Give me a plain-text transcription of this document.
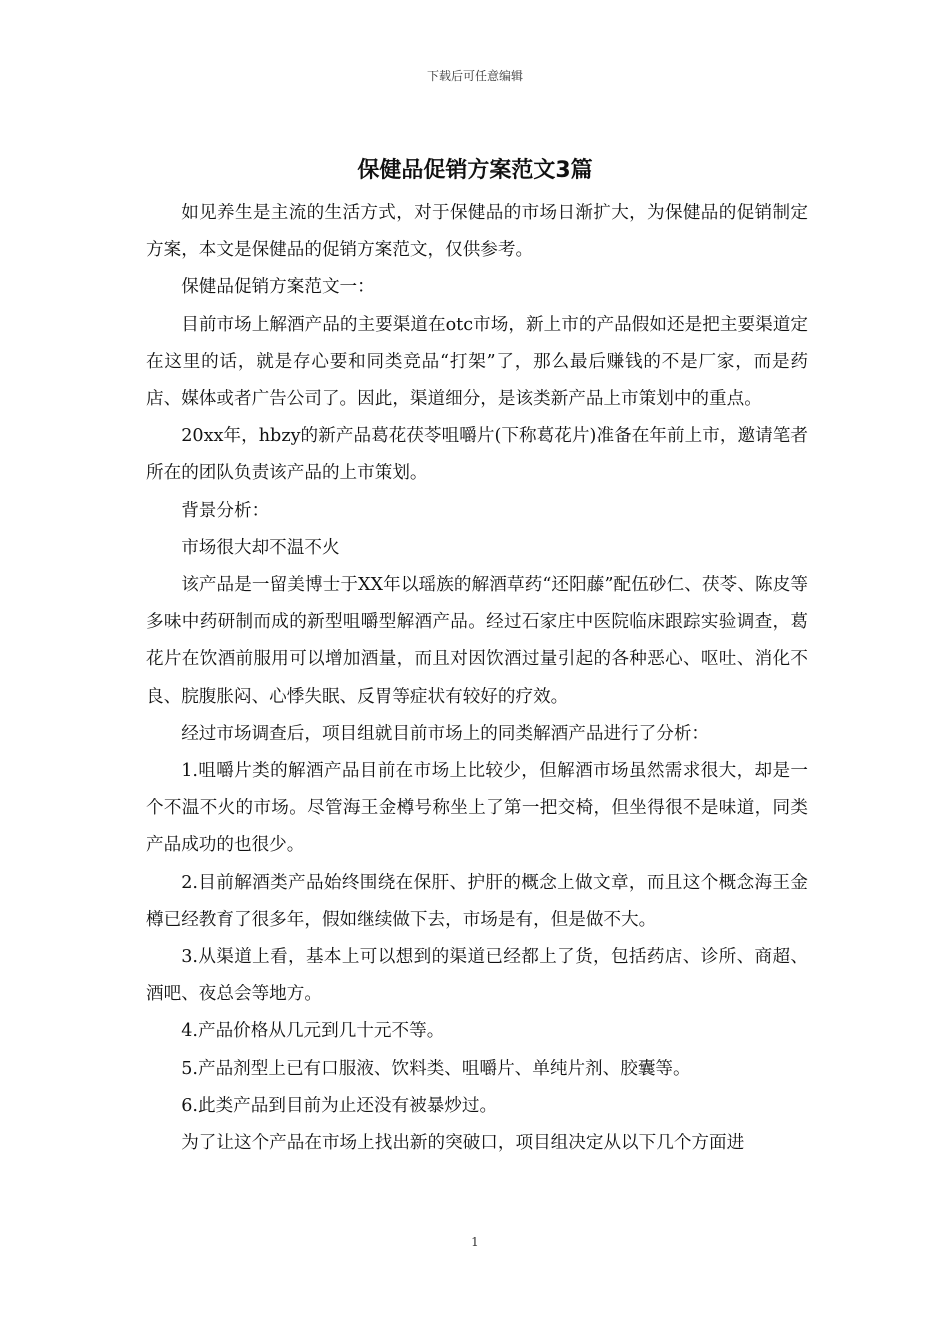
下载后可任意编辑
保健品促销方案范文3篇

如见养生是主流的生活方式，对于保健品的市场日渐扩大，为保健品的促销制定方案，本文是保健品的促销方案范文，仅供参考。

保健品促销方案范文一：

目前市场上解酒产品的主要渠道在otc市场，新上市的产品假如还是把主要渠道定在这里的话，就是存心要和同类竞品“打架”了，那么最后赚钱的不是厂家，而是药店、媒体或者广告公司了。因此，渠道细分，是该类新产品上市策划中的重点。

20xx年，hbzy的新产品葛花茯苓咀嚼片(下称葛花片)准备在年前上市，邀请笔者所在的团队负责该产品的上市策划。

背景分析：

市场很大却不温不火

该产品是一留美博士于XX年以瑶族的解酒草药“还阳藤”配伍砂仁、茯苓、陈皮等多味中药研制而成的新型咀嚼型解酒产品。经过石家庄中医院临床跟踪实验调查，葛花片在饮酒前服用可以增加酒量，而且对因饮酒过量引起的各种恶心、呕吐、消化不良、脘腹胀闷、心悸失眠、反胃等症状有较好的疗效。

经过市场调查后，项目组就目前市场上的同类解酒产品进行了分析：

1.咀嚼片类的解酒产品目前在市场上比较少，但解酒市场虽然需求很大，却是一个不温不火的市场。尽管海王金樽号称坐上了第一把交椅，但坐得很不是味道，同类产品成功的也很少。

2.目前解酒类产品始终围绕在保肝、护肝的概念上做文章，而且这个概念海王金樽已经教育了很多年，假如继续做下去，市场是有，但是做不大。

3.从渠道上看，基本上可以想到的渠道已经都上了货，包括药店、诊所、商超、酒吧、夜总会等地方。

4.产品价格从几元到几十元不等。

5.产品剂型上已有口服液、饮料类、咀嚼片、单纯片剂、胶囊等。

6.此类产品到目前为止还没有被暴炒过。

为了让这个产品在市场上找出新的突破口，项目组决定从以下几个方面进

1
